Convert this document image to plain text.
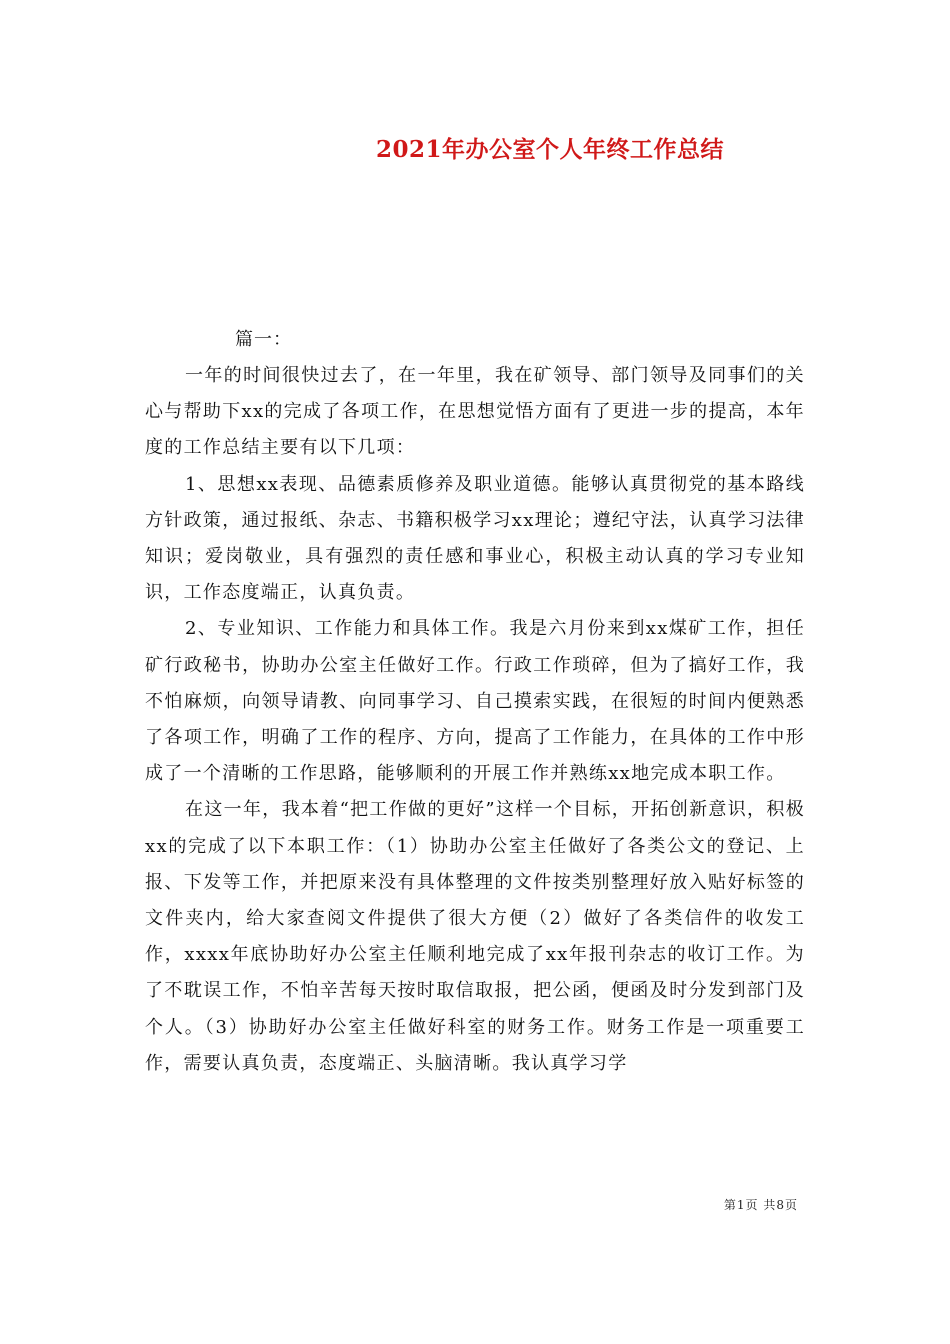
2021年办公室个人年终工作总结

篇一：

一年的时间很快过去了，在一年里，我在矿领导、部门领导及同事们的关心与帮助下xx的完成了各项工作，在思想觉悟方面有了更进一步的提高，本年度的工作总结主要有以下几项：

1、思想xx表现、品德素质修养及职业道德。能够认真贯彻党的基本路线方针政策，通过报纸、杂志、书籍积极学习xx理论；遵纪守法，认真学习法律知识；爱岗敬业，具有强烈的责任感和事业心，积极主动认真的学习专业知识，工作态度端正，认真负责。

2、专业知识、工作能力和具体工作。我是六月份来到xx煤矿工作，担任矿行政秘书，协助办公室主任做好工作。行政工作琐碎，但为了搞好工作，我不怕麻烦，向领导请教、向同事学习、自己摸索实践，在很短的时间内便熟悉了各项工作，明确了工作的程序、方向，提高了工作能力，在具体的工作中形成了一个清晰的工作思路，能够顺利的开展工作并熟练xx地完成本职工作。

在这一年，我本着“把工作做的更好”这样一个目标，开拓创新意识，积极xx的完成了以下本职工作：（1）协助办公室主任做好了各类公文的登记、上报、下发等工作，并把原来没有具体整理的文件按类别整理好放入贴好标签的文件夹内，给大家查阅文件提供了很大方便（2）做好了各类信件的收发工作，xxxx年底协助好办公室主任顺利地完成了xx年报刊杂志的收订工作。为了不耽误工作，不怕辛苦每天按时取信取报，把公函，便函及时分发到部门及个人。（3）协助好办公室主任做好科室的财务工作。财务工作是一项重要工作，需要认真负责，态度端正、头脑清晰。我认真学习学

第1页 共8页
